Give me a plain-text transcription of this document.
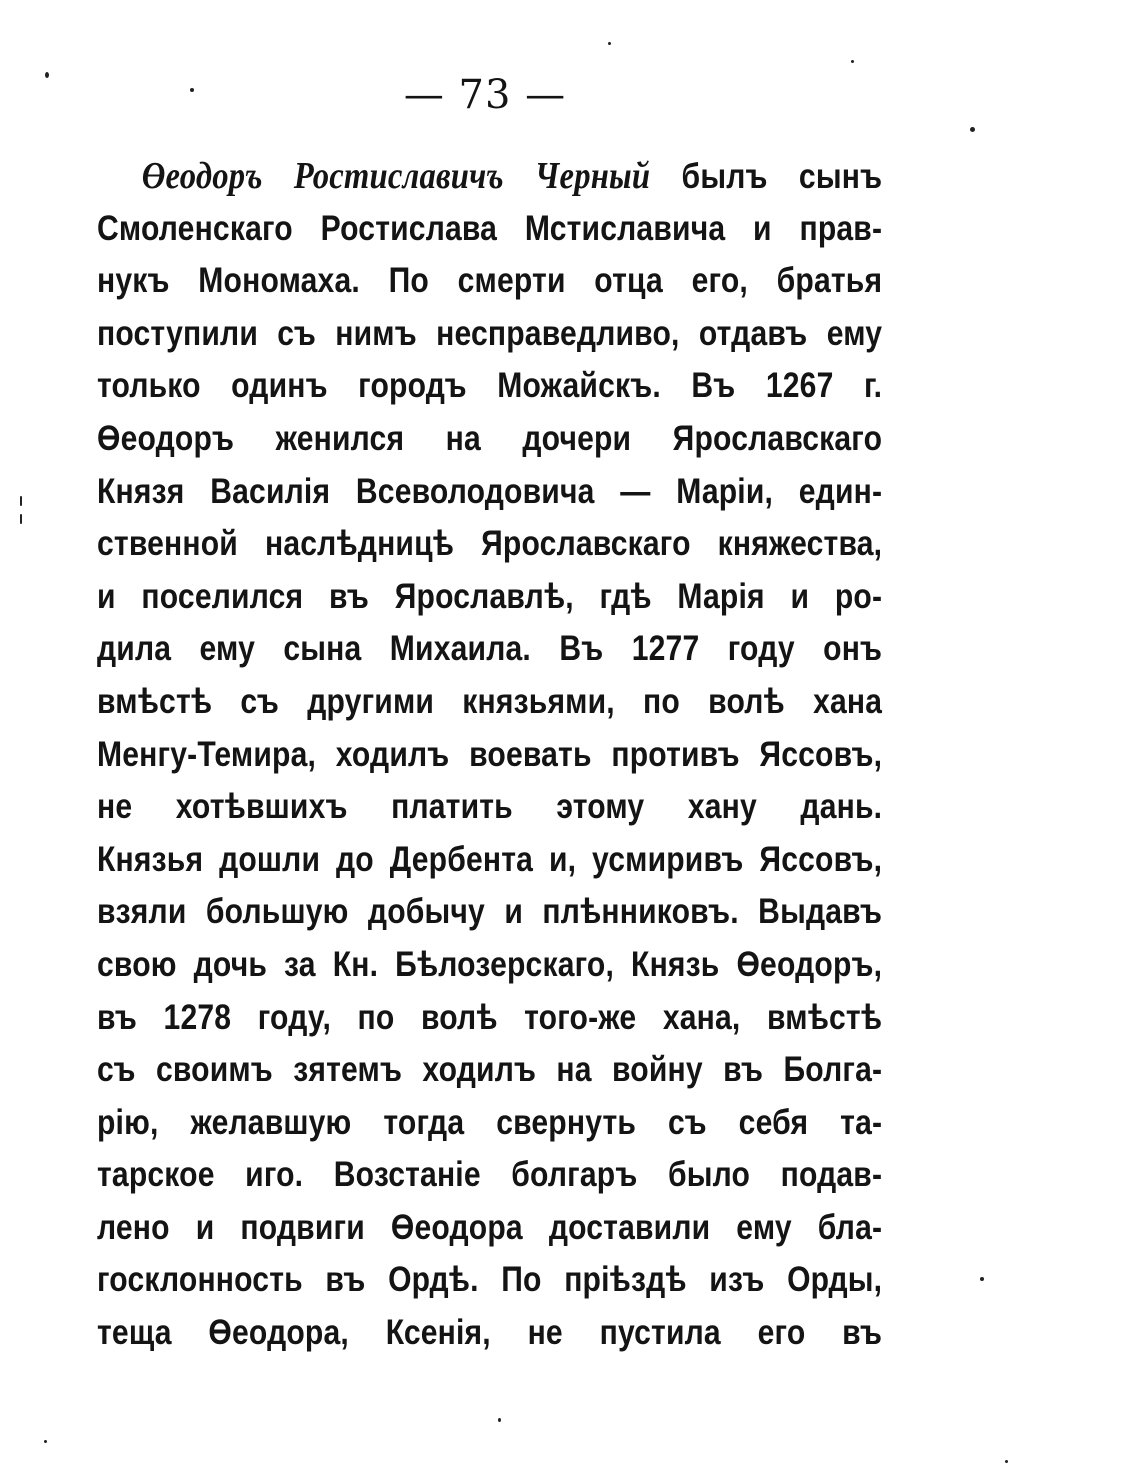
— 73 —
Өеодоръ Ростиславичъ Черный былъ сынъ
Смоленскаго Ростислава Мстиславича и прав-
нукъ Мономаха. По смерти отца его, братья
поступили съ нимъ несправедливо, отдавъ ему
только одинъ городъ Можайскъ. Въ 1267 г.
Өеодоръ женился на дочери Ярославскаго
Князя Василія Всеволодовича — Маріи, един-
ственной наслѣдницѣ Ярославскаго княжества,
и поселился въ Ярославлѣ, гдѣ Марія и ро-
дила ему сына Михаила. Въ 1277 году онъ
вмѣстѣ съ другими князьями, по волѣ хана
Менгу-Темира, ходилъ воевать противъ Яссовъ,
не хотѣвшихъ платить этому хану дань.
Князья дошли до Дербента и, усмиривъ Яссовъ,
взяли большую добычу и плѣнниковъ. Выдавъ
свою дочь за Кн. Бѣлозерскаго, Князь Өеодоръ,
въ 1278 году, по волѣ того-же хана, вмѣстѣ
съ своимъ зятемъ ходилъ на войну въ Болга-
рію, желавшую тогда свернуть съ себя та-
тарское иго. Возстаніе болгаръ было подав-
лено и подвиги Өеодора доставили ему бла-
госклонность въ Ордѣ. По пріѣздѣ изъ Орды,
теща Өеодора, Ксенія, не пустила его въ
